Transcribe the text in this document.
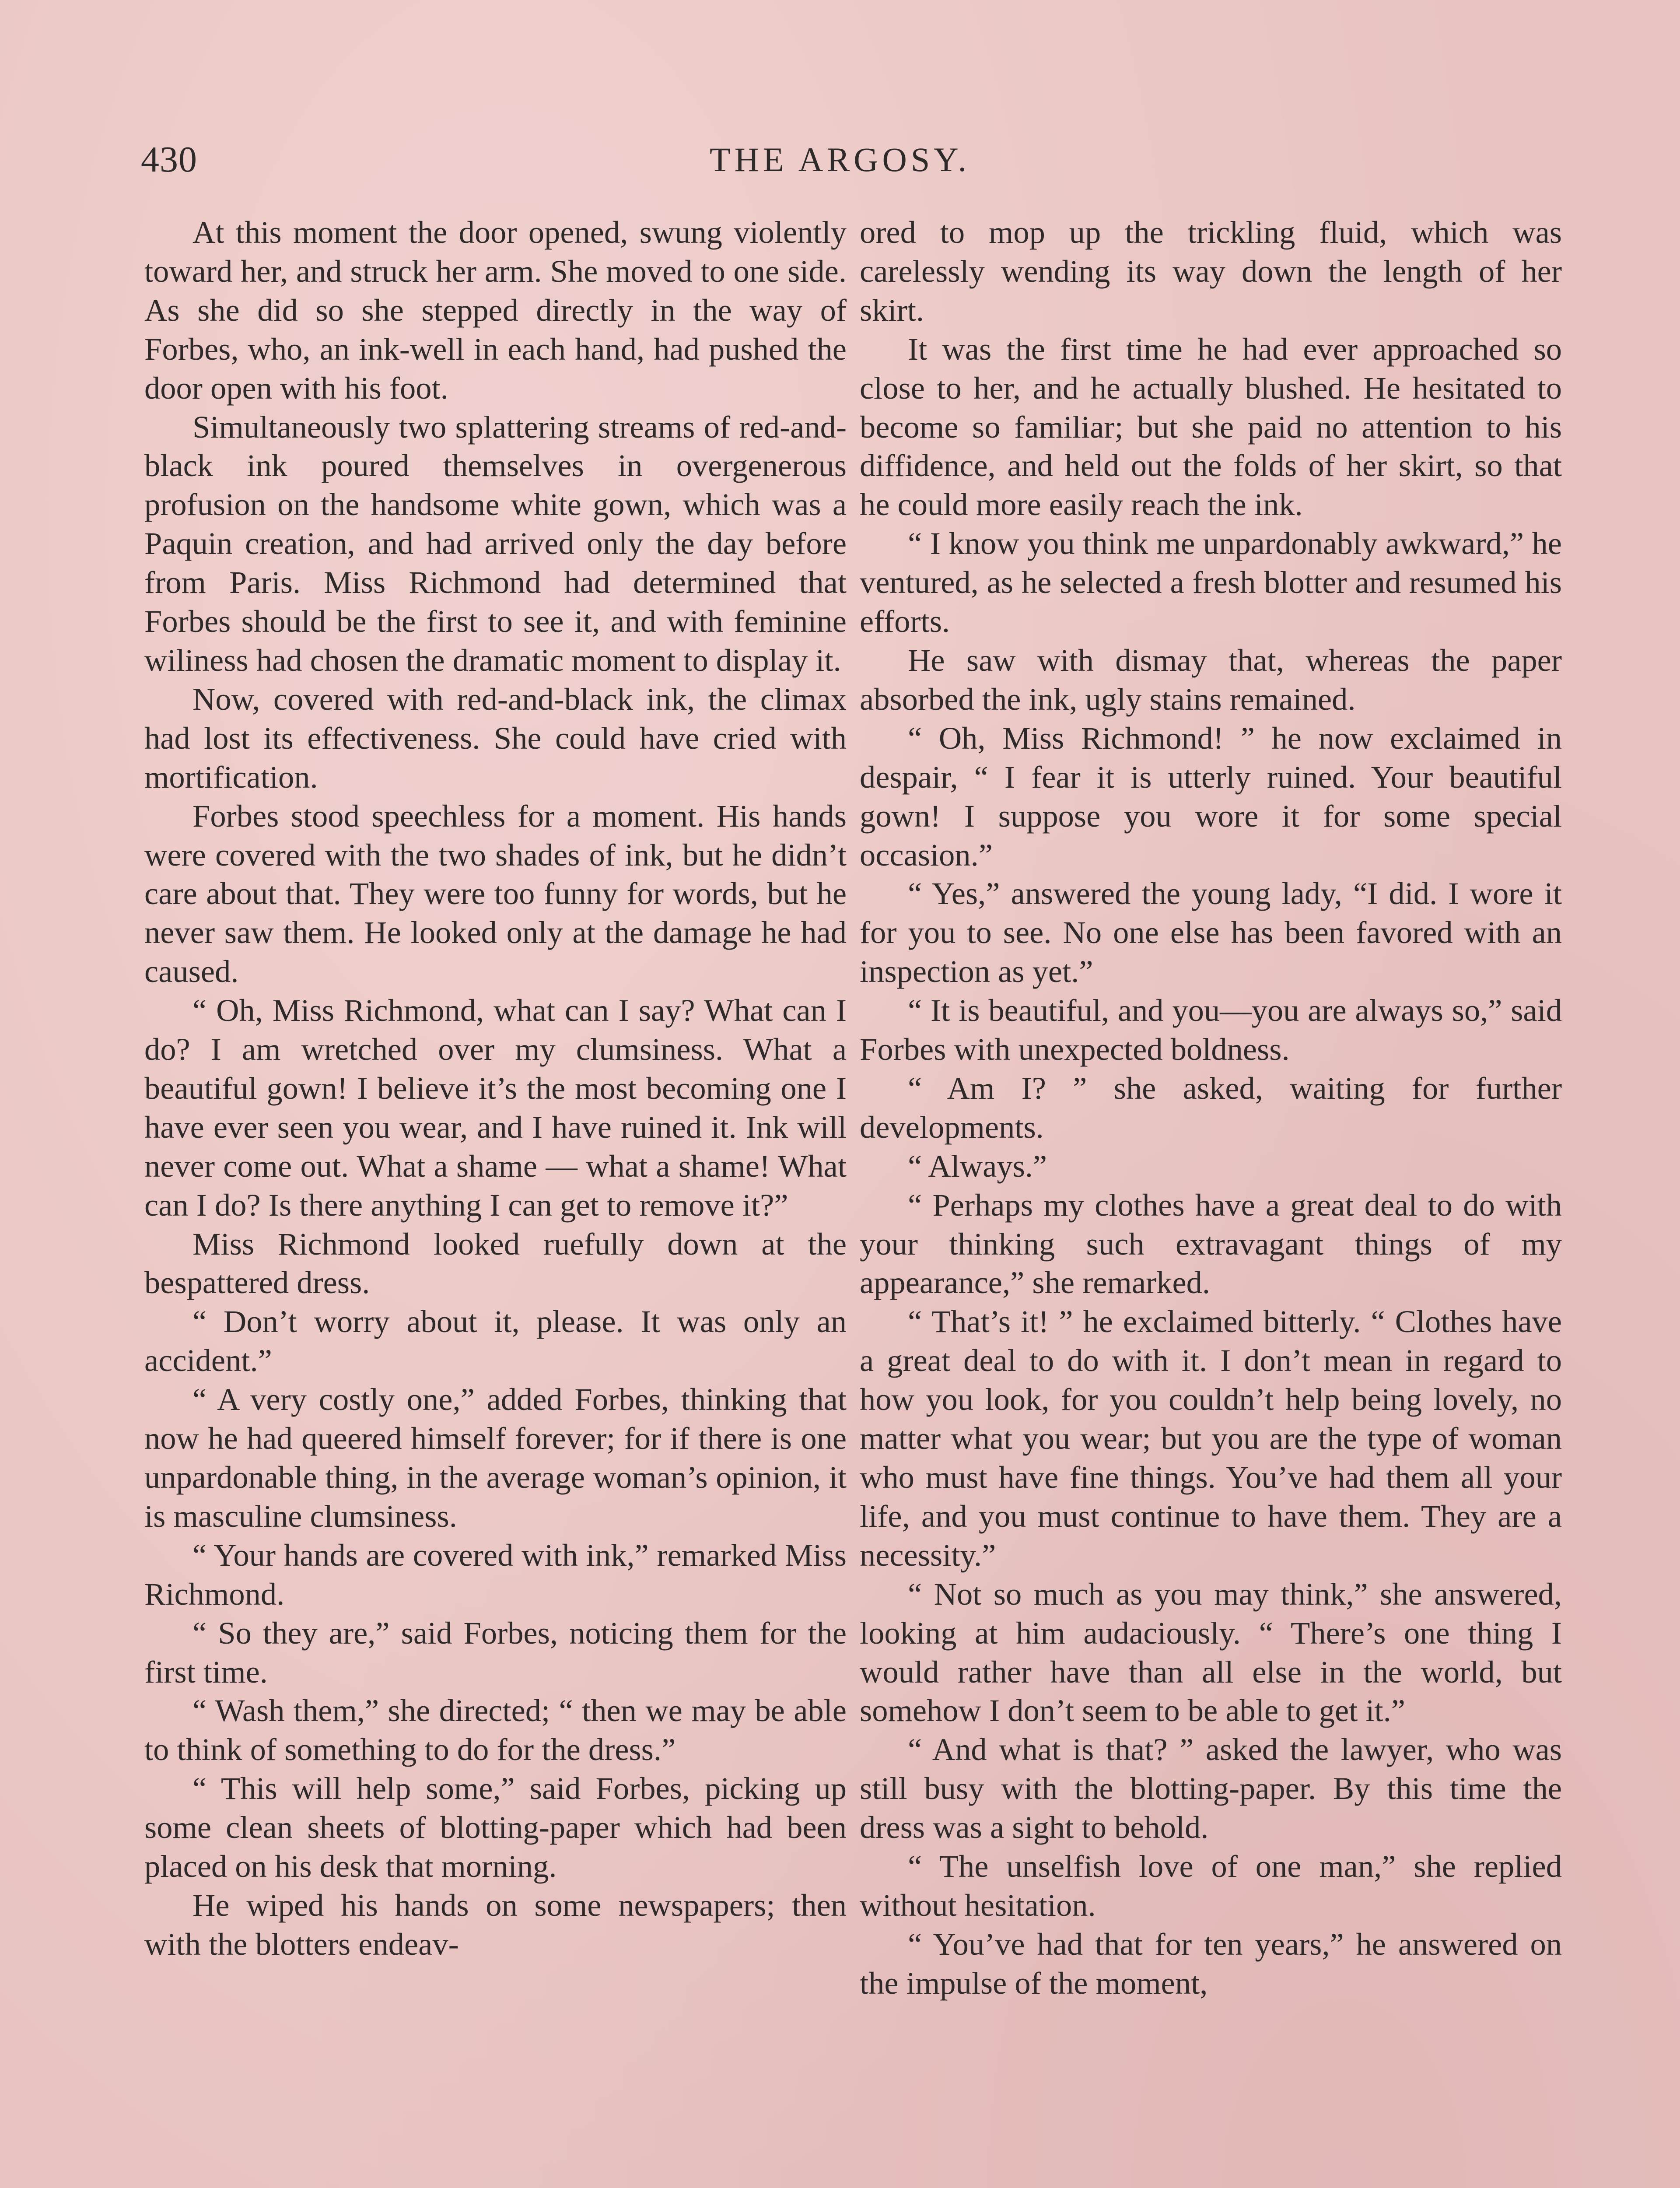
430	THE ARGOSY.

At this moment the door opened, swung violently toward her, and struck her arm. She moved to one side. As she did so she stepped directly in the way of Forbes, who, an ink-well in each hand, had pushed the door open with his foot.

Simultaneously two splattering streams of red-and-black ink poured themselves in overgenerous profusion on the handsome white gown, which was a Paquin creation, and had arrived only the day before from Paris. Miss Richmond had determined that Forbes should be the first to see it, and with feminine wiliness had chosen the dramatic moment to display it.

Now, covered with red-and-black ink, the climax had lost its effectiveness. She could have cried with mortification.

Forbes stood speechless for a moment. His hands were covered with the two shades of ink, but he didn’t care about that. They were too funny for words, but he never saw them. He looked only at the damage he had caused.

“ Oh, Miss Richmond, what can I say? What can I do? I am wretched over my clumsiness. What a beautiful gown! I believe it’s the most becoming one I have ever seen you wear, and I have ruined it. Ink will never come out. What a shame — what a shame! What can I do? Is there anything I can get to remove it?”

Miss Richmond looked ruefully down at the bespattered dress.

“ Don’t worry about it, please. It was only an accident.”

“ A very costly one,” added Forbes, thinking that now he had queered himself forever; for if there is one unpardonable thing, in the average woman’s opinion, it is masculine clumsiness.

“ Your hands are covered with ink,” remarked Miss Richmond.

“ So they are,” said Forbes, noticing them for the first time.

“ Wash them,” she directed; “ then we may be able to think of something to do for the dress.”

“ This will help some,” said Forbes, picking up some clean sheets of blotting-paper which had been placed on his desk that morning.

He wiped his hands on some newspapers; then with the blotters endeav-

ored to mop up the trickling fluid, which was carelessly wending its way down the length of her skirt.

It was the first time he had ever approached so close to her, and he actually blushed. He hesitated to become so familiar; but she paid no attention to his diffidence, and held out the folds of her skirt, so that he could more easily reach the ink.

“ I know you think me unpardonably awkward,” he ventured, as he selected a fresh blotter and resumed his efforts.

He saw with dismay that, whereas the paper absorbed the ink, ugly stains remained.

“ Oh, Miss Richmond! ” he now exclaimed in despair, “ I fear it is utterly ruined. Your beautiful gown! I suppose you wore it for some special occasion.”

“ Yes,” answered the young lady, “I did. I wore it for you to see. No one else has been favored with an inspection as yet.”

“ It is beautiful, and you—you are always so,” said Forbes with unexpected boldness.

“ Am I? ” she asked, waiting for further developments.

“ Always.”

“ Perhaps my clothes have a great deal to do with your thinking such extravagant things of my appearance,” she remarked.

“ That’s it! ” he exclaimed bitterly. “ Clothes have a great deal to do with it. I don’t mean in regard to how you look, for you couldn’t help being lovely, no matter what you wear; but you are the type of woman who must have fine things. You’ve had them all your life, and you must continue to have them. They are a necessity.”

“ Not so much as you may think,” she answered, looking at him audaciously. “ There’s one thing I would rather have than all else in the world, but somehow I don’t seem to be able to get it.”

“ And what is that? ” asked the lawyer, who was still busy with the blotting-paper. By this time the dress was a sight to behold.

“ The unselfish love of one man,” she replied without hesitation.

“ You’ve had that for ten years,” he answered on the impulse of the moment,
